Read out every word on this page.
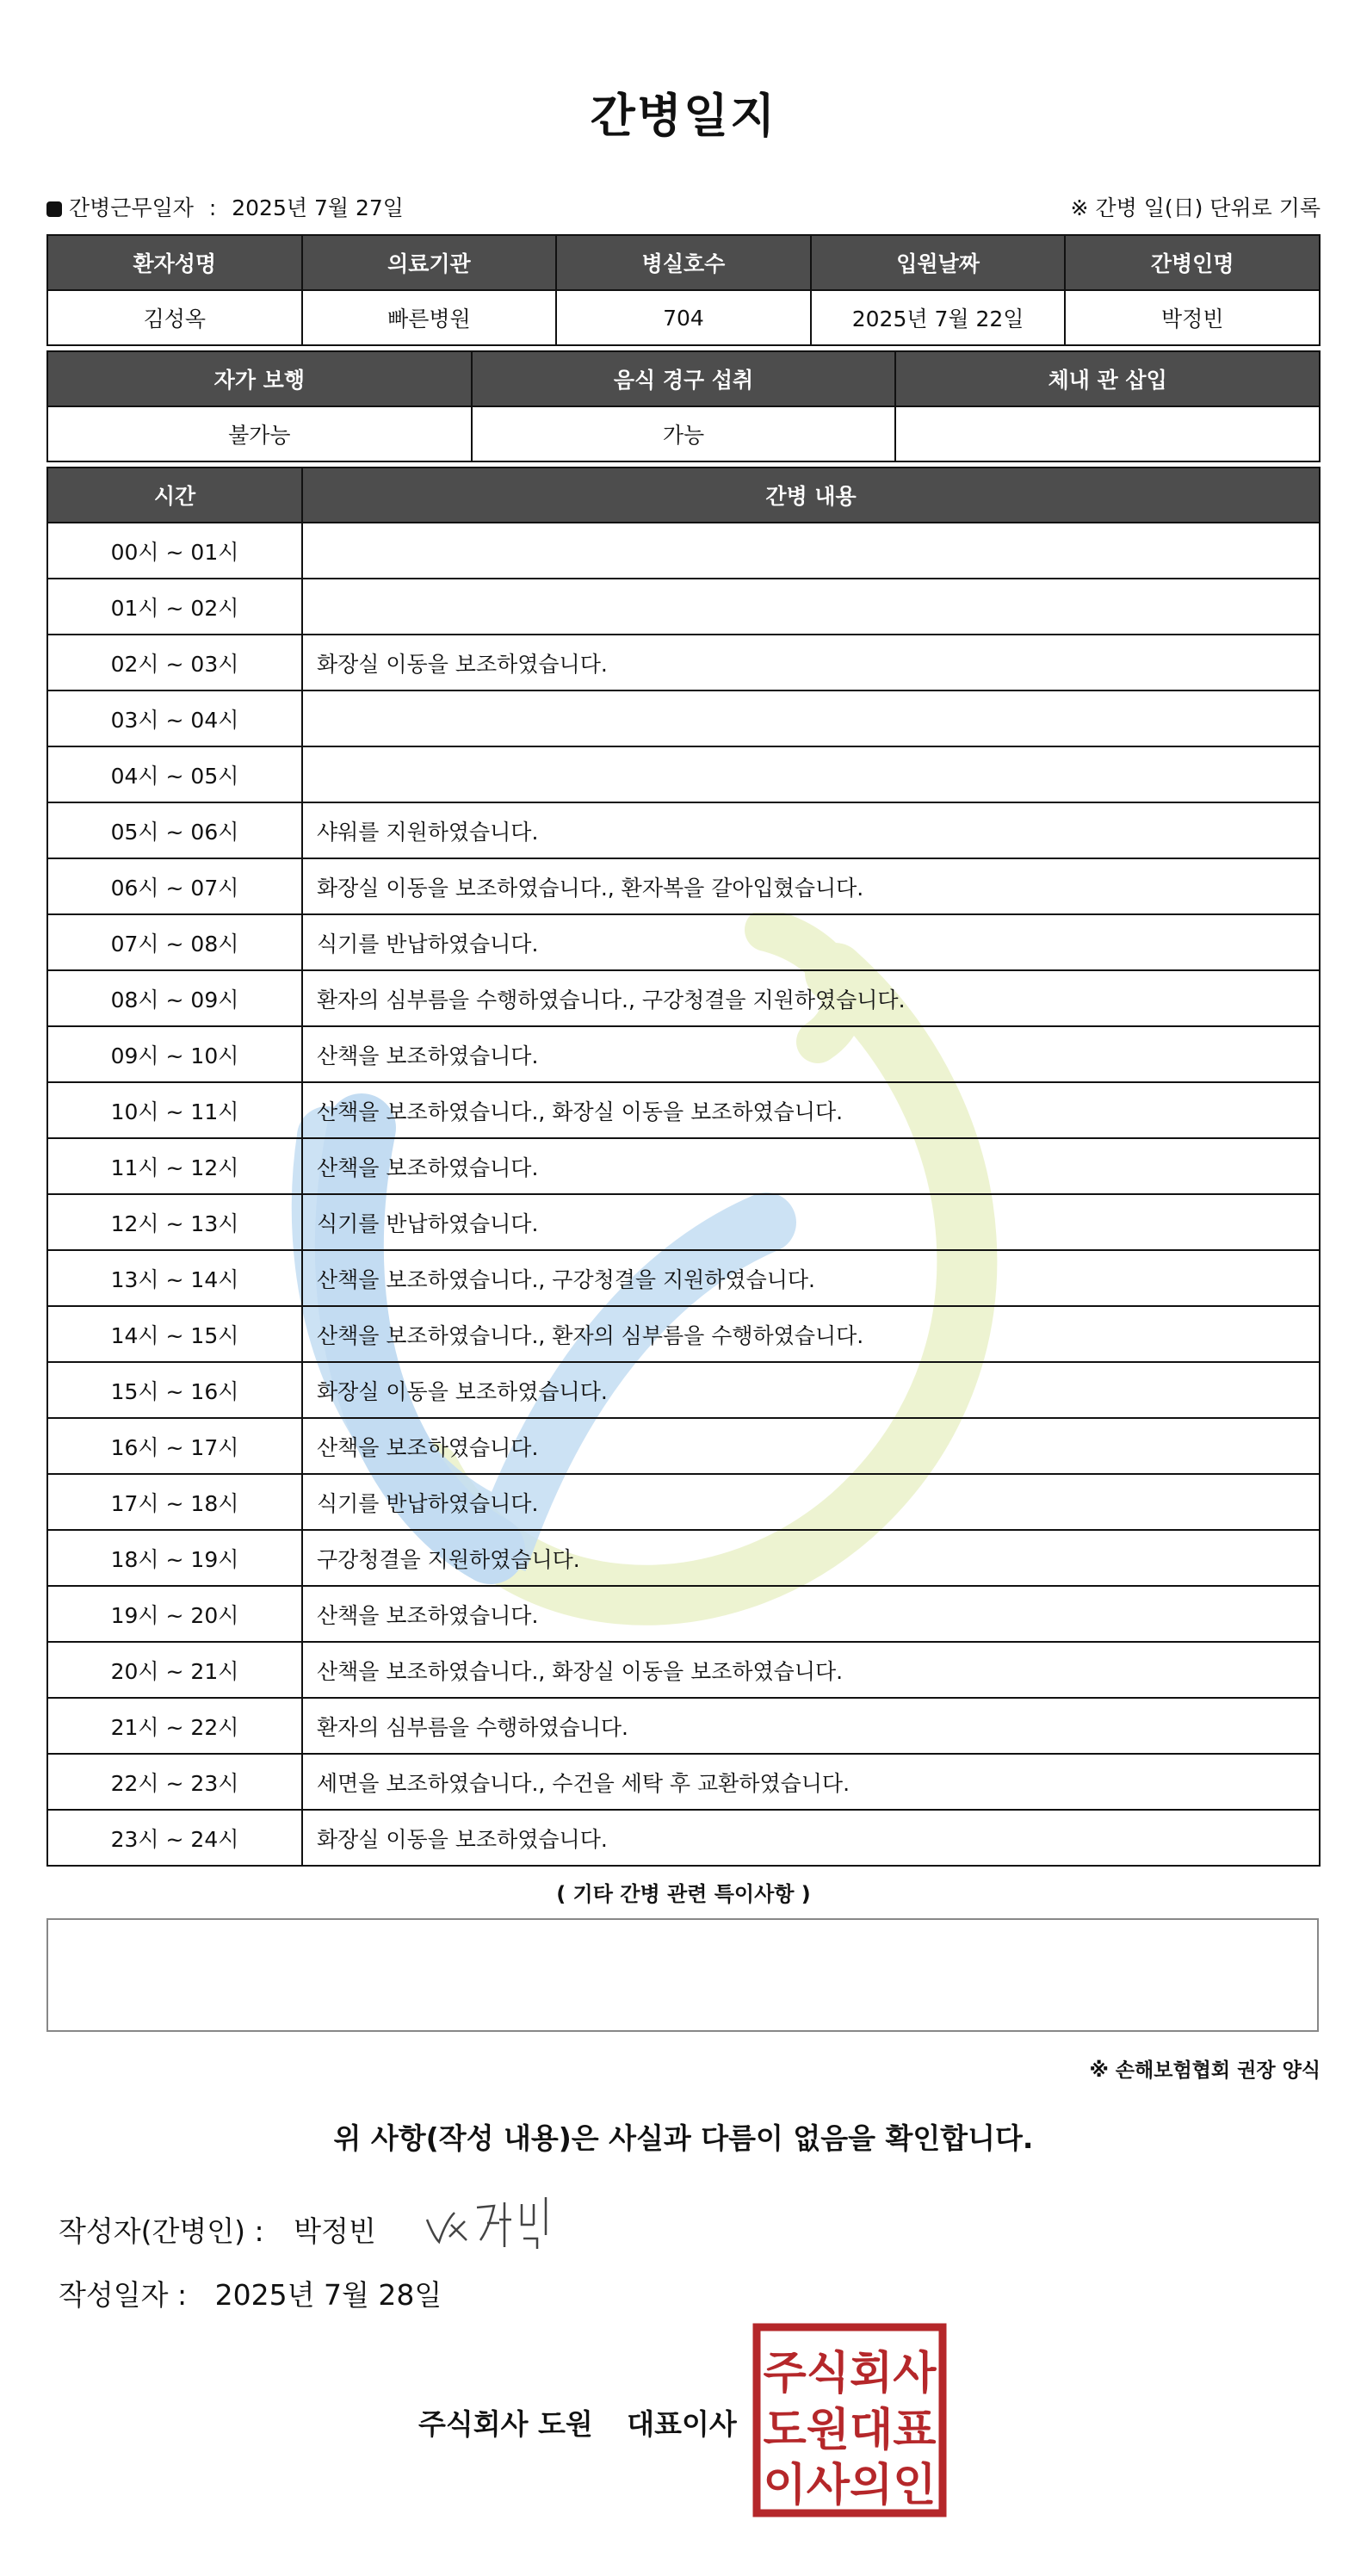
간병일지
간병근무일자 : 2025년 7월 27일	※ 간병 일(日) 단위로 기록
환자성명	의료기관	병실호수	입원날짜	간병인명
김성옥	빠른병원	704	2025년 7월 22일	박정빈
자가 보행	음식 경구 섭취	체내 관 삽입
불가능	가능	
시간	간병 내용
00시 ~ 01시	
01시 ~ 02시	
02시 ~ 03시	화장실 이동을 보조하였습니다.
03시 ~ 04시	
04시 ~ 05시	
05시 ~ 06시	샤워를 지원하였습니다.
06시 ~ 07시	화장실 이동을 보조하였습니다., 환자복을 갈아입혔습니다.
07시 ~ 08시	식기를 반납하였습니다.
08시 ~ 09시	환자의 심부름을 수행하였습니다., 구강청결을 지원하였습니다.
09시 ~ 10시	산책을 보조하였습니다.
10시 ~ 11시	산책을 보조하였습니다., 화장실 이동을 보조하였습니다.
11시 ~ 12시	산책을 보조하였습니다.
12시 ~ 13시	식기를 반납하였습니다.
13시 ~ 14시	산책을 보조하였습니다., 구강청결을 지원하였습니다.
14시 ~ 15시	산책을 보조하였습니다., 환자의 심부름을 수행하였습니다.
15시 ~ 16시	화장실 이동을 보조하였습니다.
16시 ~ 17시	산책을 보조하였습니다.
17시 ~ 18시	식기를 반납하였습니다.
18시 ~ 19시	구강청결을 지원하였습니다.
19시 ~ 20시	산책을 보조하였습니다.
20시 ~ 21시	산책을 보조하였습니다., 화장실 이동을 보조하였습니다.
21시 ~ 22시	환자의 심부름을 수행하였습니다.
22시 ~ 23시	세면을 보조하였습니다., 수건을 세탁 후 교환하였습니다.
23시 ~ 24시	화장실 이동을 보조하였습니다.
( 기타 간병 관련 특이사항 )
※ 손해보험협회 권장 양식
위 사항(작성 내용)은 사실과 다름이 없음을 확인합니다.
작성자(간병인) : 박정빈
작성일자 : 2025년 7월 28일
주식회사 도원 대표이사
주식회사
도원대표
이사의인
